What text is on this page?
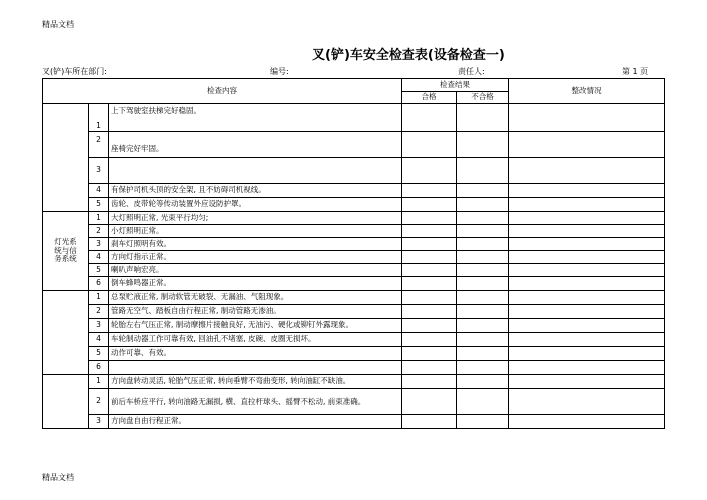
精品文档
叉(铲)车安全检查表(设备检查一)
叉(铲)车所在部门:	编号:	责任人:	第 1 页
检查内容			检查结果		整改情况
			合格	不合格	
	1	上下驾驶室扶梯完好稳固。			
	2	座椅完好牢固。			
	3				
	4	有保护司机头顶的安全架, 且不妨碍司机视线。			
	5	齿轮、皮带轮等传动装置外应设防护罩。			

灯光系
统与信
务系统	1	大灯照明正常, 光束平行均匀;			
	2	小灯照明正常。			
	3	刹车灯照明有效。			
	4	方向灯指示正常。			
	5	喇叭声响宏亮。			
	6	倒车蜂鸣器正常。			
	1	总泵贮液正常, 制动软管无破裂、无漏油、气阻现象。			
	2	管路无空气、踏板自由行程正常, 制动管路无渗油。			
	3	轮胎左右气压正常, 制动摩擦片接触良好, 无油污、硬化或铆钉外露现象。			
	4	车轮制动器工作可靠有效, 回油孔不堵塞, 皮碗、皮圈无损坏。			
	5	动作可靠、有效。			
	6				
	1	方向盘转动灵活, 轮胎气压正常, 转向垂臂不弯曲变形, 转向油缸不缺油。			
	2	前后车桥应平行, 转向油路无漏损, 横、直拉杆球头、摇臂不松动, 前束准确。			
	3	方向盘自由行程正常。			
精品文档
